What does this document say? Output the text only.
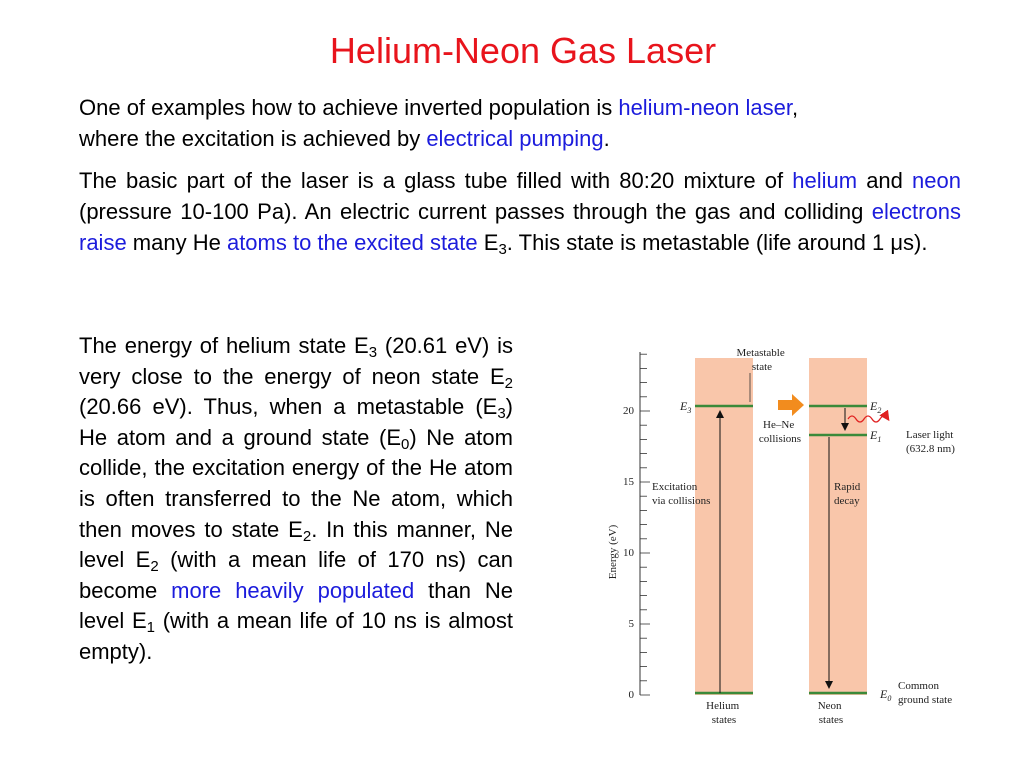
Helium-Neon Gas Laser
One of examples how to achieve inverted population is helium-neon laser,
where the excitation is achieved by electrical pumping.
The basic part of the laser is a glass tube filled with 80:20 mixture of helium and neon (pressure 10-100 Pa). An electric current passes through the gas and colliding electrons raise many He atoms to the excited state $E_3$. This state is metastable (life around 1 μs).
The energy of helium state $E_3$ (20.61 eV) is very close to the energy of neon state $E_2$ (20.66 eV). Thus, when a metastable $(E_3)$ He atom and a ground state $(E_0)$ Ne atom collide, the excitation energy of the He atom is often transferred to the Ne atom, which then moves to state $E_2$. In this manner, Ne level $E_2$ (with a mean life of 170 ns) can become more heavily populated than Ne level $E_1$ (with a mean life of 10 ns is almost empty).
0
5
10
15
20
Energy (eV)
$E_3$	$E_2$
$E_1$
$E_0$
Metastable state
He–Ne collisions
Excitation via collisions
Rapid decay
Laser light (632.8 nm)
Common ground state
Helium states
Neon states
